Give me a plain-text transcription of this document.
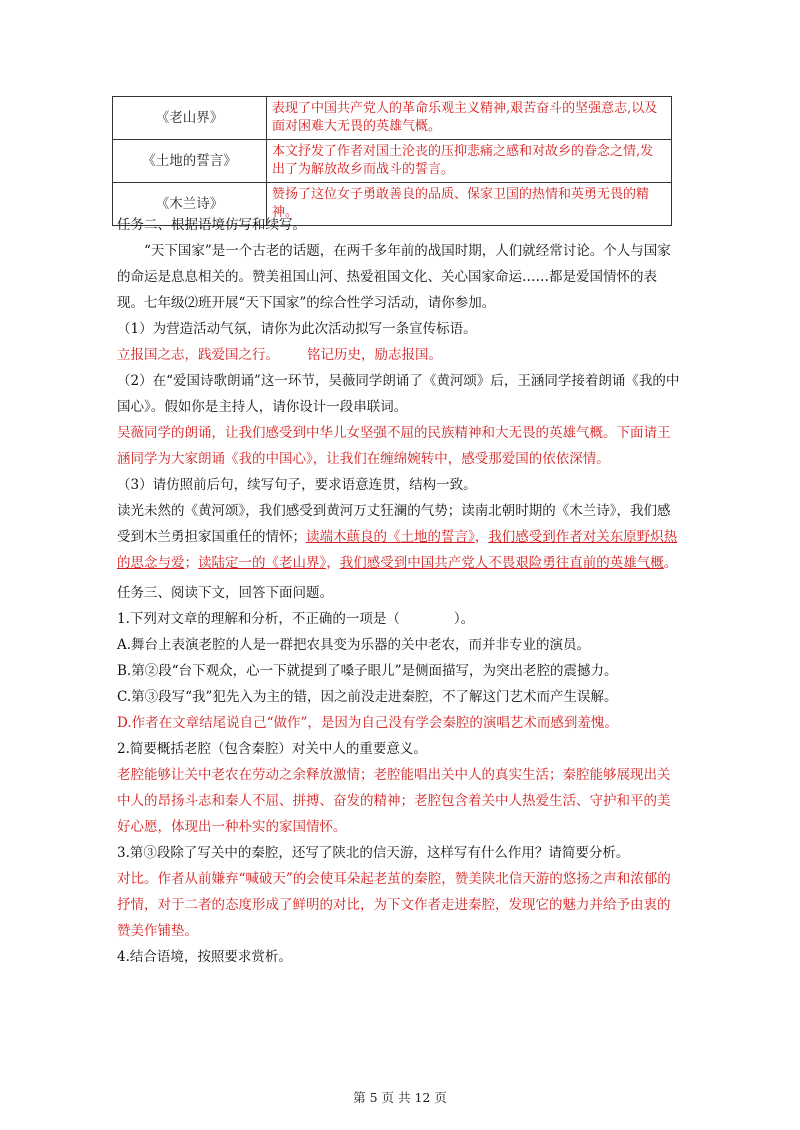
《老山界》	表现了中国共产党人的革命乐观主义精神,艰苦奋斗的坚强意志,以及面对困难大无畏的英雄气概。
《土地的誓言》	本文抒发了作者对国土沦丧的压抑悲痛之感和对故乡的眷念之情,发出了为解放故乡而战斗的誓言。
《木兰诗》	赞扬了这位女子勇敢善良的品质、保家卫国的热情和英勇无畏的精神。
任务二、根据语境仿写和续写。
“天下国家”是一个古老的话题，在两千多年前的战国时期，人们就经常讨论。个人与国家的命运是息息相关的。赞美祖国山河、热爱祖国文化、关心国家命运……都是爱国情怀的表现。七年级⑵班开展“天下国家”的综合性学习活动，请你参加。
（1）为营造活动气氛，请你为此次活动拟写一条宣传标语。
立报国之志，践爱国之行。 铭记历史，励志报国。
（2）在“爱国诗歌朗诵”这一环节，吴薇同学朗诵了《黄河颂》后，王涵同学接着朗诵《我的中国心》。假如你是主持人，请你设计一段串联词。
吴薇同学的朗诵，让我们感受到中华儿女坚强不屈的民族精神和大无畏的英雄气概。下面请王涵同学为大家朗诵《我的中国心》，让我们在缠绵婉转中，感受那爱国的依依深情。
（3）请仿照前后句，续写句子，要求语意连贯，结构一致。
读光未然的《黄河颂》，我们感受到黄河万丈狂澜的气势；读南北朝时期的《木兰诗》，我们感受到木兰勇担家国重任的情怀；读端木蕻良的《土地的誓言》，我们感受到作者对关东原野炽热的思念与爱；读陆定一的《老山界》，我们感受到中国共产党人不畏艰险勇往直前的英雄气概。
任务三、阅读下文，回答下面问题。
1.下列对文章的理解和分析，不正确的一项是（	）。
A.舞台上表演老腔的人是一群把农具变为乐器的关中老农，而并非专业的演员。
B.第②段“台下观众，心一下就提到了嗓子眼儿”是侧面描写，为突出老腔的震撼力。
C.第③段写“我”犯先入为主的错，因之前没走进秦腔，不了解这门艺术而产生误解。
D.作者在文章结尾说自己“做作”，是因为自己没有学会秦腔的演唱艺术而感到羞愧。
2.简要概括老腔（包含秦腔）对关中人的重要意义。
老腔能够让关中老农在劳动之余释放激情；老腔能唱出关中人的真实生活；秦腔能够展现出关中人的昂扬斗志和秦人不屈、拼搏、奋发的精神；老腔包含着关中人热爱生活、守护和平的美好心愿，体现出一种朴实的家国情怀。
3.第③段除了写关中的秦腔，还写了陕北的信天游，这样写有什么作用？请简要分析。
对比。作者从前嫌弃“喊破天”的会使耳朵起老茧的秦腔，赞美陕北信天游的悠扬之声和浓郁的抒情，对于二者的态度形成了鲜明的对比，为下文作者走进秦腔，发现它的魅力并给予由衷的赞美作铺垫。
4.结合语境，按照要求赏析。
第 5 页 共 12 页
